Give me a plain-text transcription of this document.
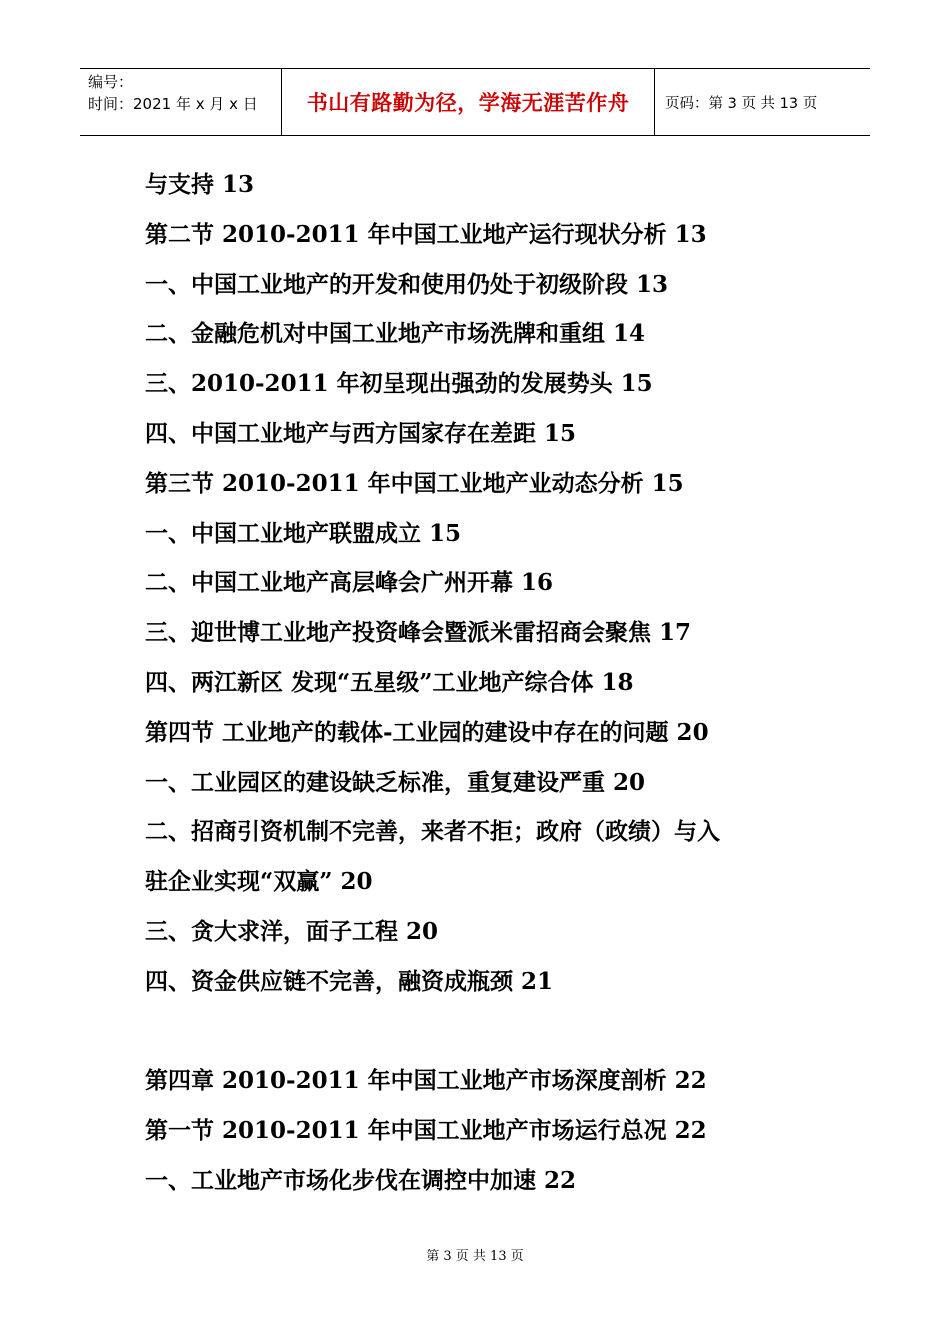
编号：
时间：2021 年 x 月 x 日	书山有路勤为径，学海无涯苦作舟	页码：第 3 页 共 13 页
与支持 13
第二节 2010-2011 年中国工业地产运行现状分析 13
一、中国工业地产的开发和使用仍处于初级阶段 13
二、金融危机对中国工业地产市场洗牌和重组 14
三、2010-2011 年初呈现出强劲的发展势头 15
四、中国工业地产与西方国家存在差距 15
第三节 2010-2011 年中国工业地产业动态分析 15
一、中国工业地产联盟成立 15
二、中国工业地产高层峰会广州开幕 16
三、迎世博工业地产投资峰会暨派米雷招商会聚焦 17
四、两江新区 发现“五星级”工业地产综合体 18
第四节 工业地产的载体-工业园的建设中存在的问题 20
一、工业园区的建设缺乏标准，重复建设严重 20
二、招商引资机制不完善，来者不拒；政府（政绩）与入
驻企业实现“双赢” 20
三、贪大求洋，面子工程 20
四、资金供应链不完善，融资成瓶颈 21
第四章 2010-2011 年中国工业地产市场深度剖析 22
第一节 2010-2011 年中国工业地产市场运行总况 22
一、工业地产市场化步伐在调控中加速 22
第 3 页 共 13 页
